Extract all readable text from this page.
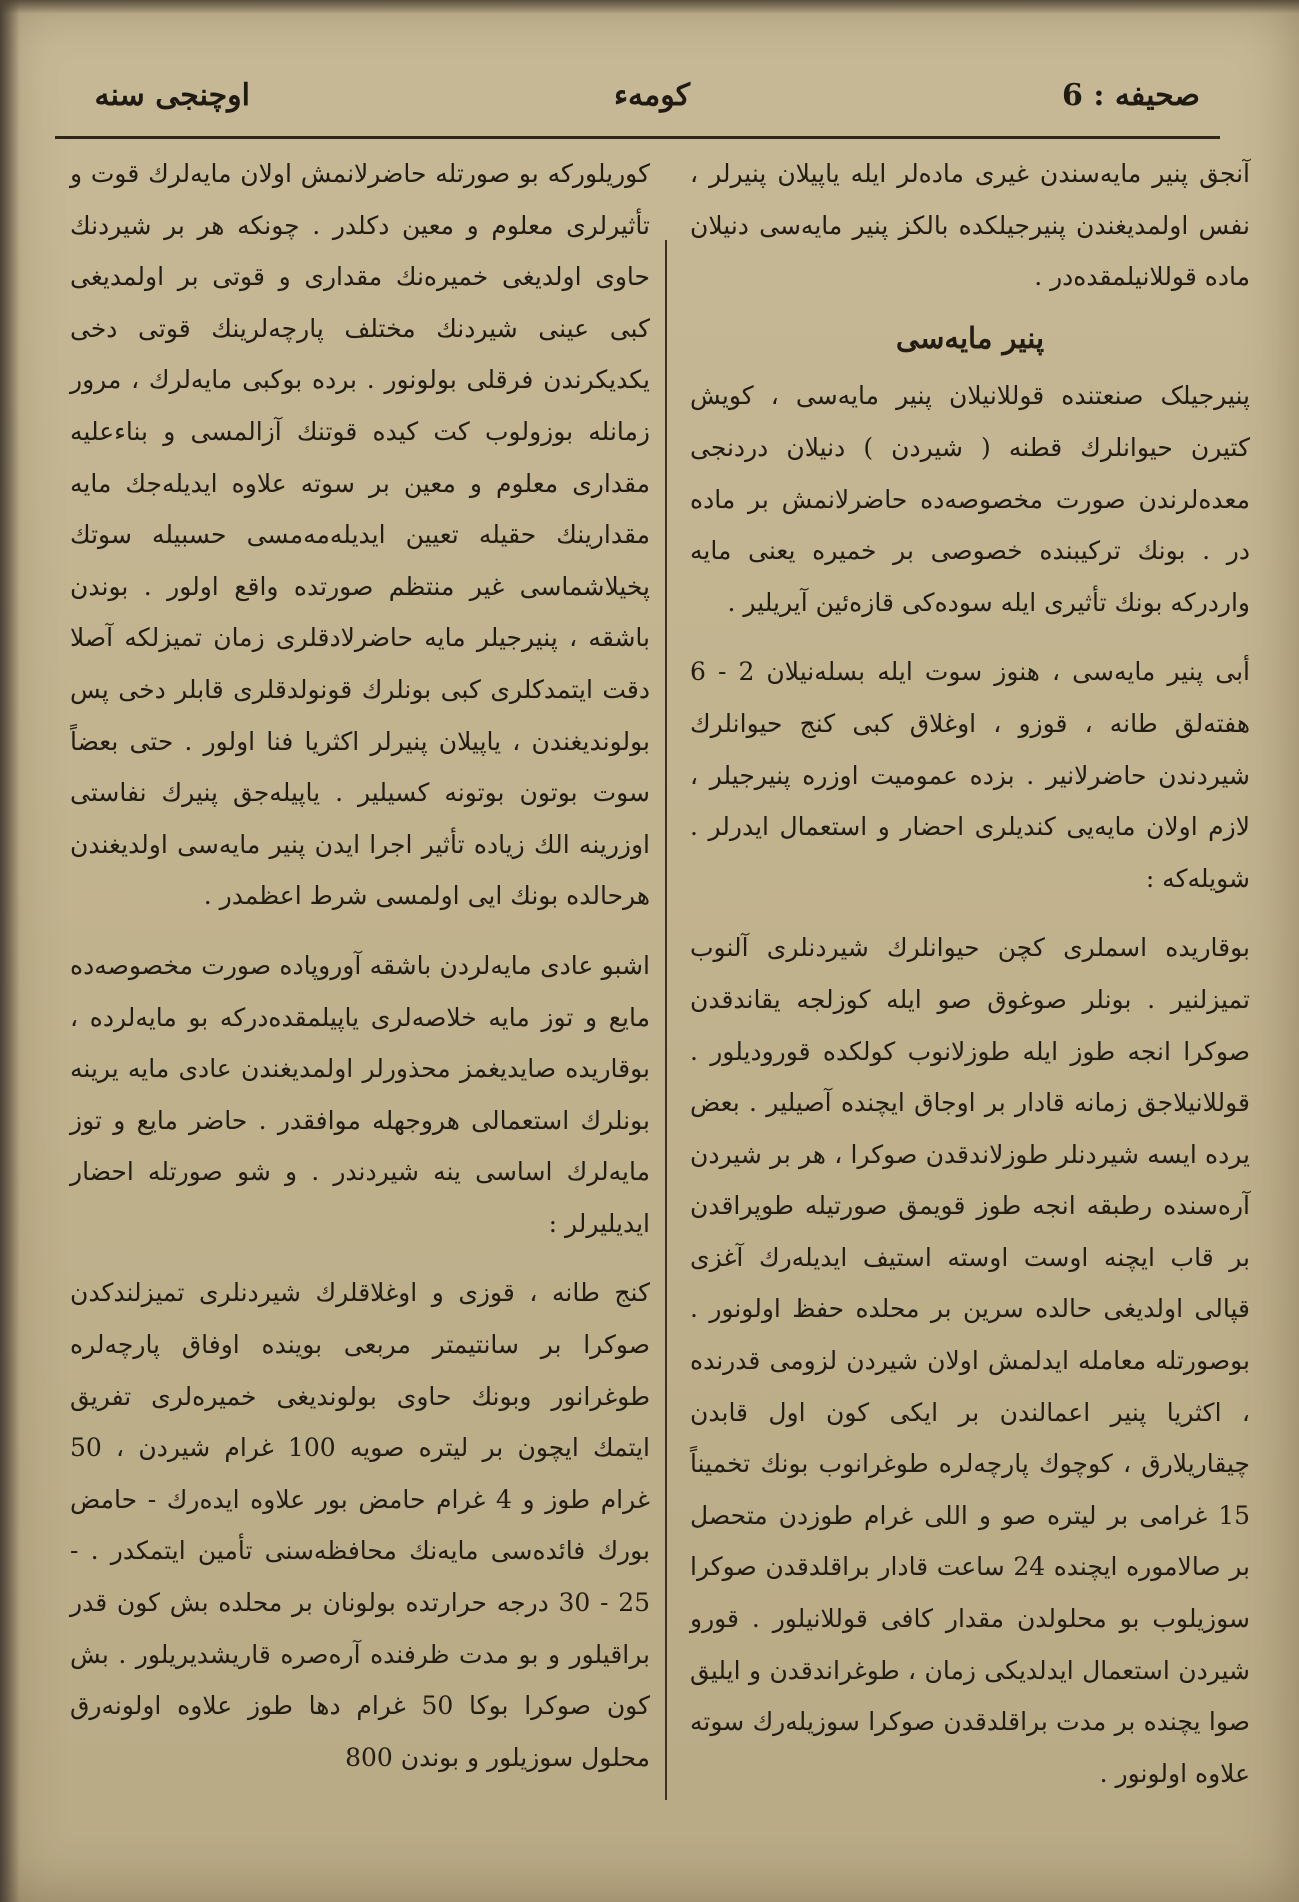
صحیفه : 6
کومه‌ء
اوچنجی سنه

آنجق پنیر مایه‌سندن غیری ماده‌لر ایله یاپیلان پنیرلر ، نفس اولمدیغندن پنیرجیلکده بالکز پنیر مایه‌سی دنیلان ماده قوللانیلمقده‌در .

پنیر مایه‌سی

پنیرجیلک صنعتنده قوللانیلان پنیر مایه‌سی ، کویش کتیرن حیوانلرك قطنه ( شیردن ) دنیلان دردنجی معده‌لرندن صورت مخصوصه‌ده حاضرلانمش بر ماده‌ در . بونك ترکیبنده خصوصی بر خمیره یعنی مایه واردرکه بونك تأثیری ایله سوده‌کی قازه‌ئین آیریلیر .

أبی پنیر مایه‌سی ، هنوز سوت ایله بسله‌نیلان 2 - 6 هفته‌لق طانه ، قوزو ، اوغلاق کبی کنج حیوانلرك شیردندن حاضرلانیر . بزده عمومیت اوزره پنیرجیلر ، لازم اولان مایه‌یی کندیلری احضار و استعمال ایدرلر . شویله‌که :

بوقاریده اسملری کچن حیوانلرك شیردنلری آلنوب تمیزلنیر . بونلر صوغوق صو ایله کوزلجه یقاندقدن صوکرا انجه طوز ایله طوزلانوب کولکده قورودیلور . قوللانیلاجق زمانه قادار بر اوجاق ایچنده آصیلیر . بعض یرده ایسه شیردنلر طوزلاندقدن صوکرا ، هر بر شیردن آره‌سنده رطبقه انجه طوز قویمق صورتیله طوپراقدن بر قاب ایچنه اوست اوسته استیف ایدیله‌رك آغزی قپالی اولدیغی حالده سرین بر محلده حفظ اولونور . بوصورتله معامله ایدلمش اولان شیردن لزومی قدرنده ، اکثریا پنیر اعمالندن بر ایکی کون اول قابدن چیقاریلارق ، کوچوك پارچه‌لره طوغرانوب بونك تخمیناً 15 غرامی بر لیتره صو و اللی غرام طوزدن متحصل بر صالاموره ایچنده 24 ساعت قادار براقلدقدن صوکرا سوزیلوب بو محلولدن مقدار کافی قوللانیلور . قورو شیردن استعمال ایدلدیکی زمان ، طوغراندقدن و ایلیق صوا یچنده بر مدت براقلدقدن صوکرا سوزیله‌رك سوته علاوه اولونور .

کوریلورکه بو صورتله حاضرلانمش اولان مایه‌لرك قوت و تأثیرلری معلوم و معین دکلدر . چونکه هر بر شیردنك حاوی اولدیغی خمیره‌نك مقداری و قوتی بر اولمدیغی کبی عینی شیردنك مختلف پارچه‌لرینك قوتی دخی یکدیکرندن فرقلی بولونور . برده بوکبی مایه‌لرك ، مرور زمانله بوزولوب کت کیده قوتنك آزالمسی و بناءعلیه مقداری معلوم و معین بر سوته علاوه ایدیله‌جك مایه مقدارینك حقیله تعیین ایدیله‌مه‌مسی حسبیله سوتك پخیلاشماسی غیر منتظم صورتده واقع اولور . بوندن باشقه ، پنیرجیلر مایه حاضرلادقلری زمان تمیزلکه آصلا دقت ایتمدکلری کبی بونلرك قونولدقلری قابلر دخی پس بولوندیغندن ، یاپیلان پنیرلر اکثریا فنا اولور . حتی بعضاً سوت بوتون بوتونه کسیلیر . یاپیله‌جق پنیرك نفاستی اوزرینه الك زیاده تأثیر اجرا ایدن پنیر مایه‌سی اولدیغندن هرحالده بونك ایی اولمسی شرط اعظمدر .

اشبو عادی مایه‌لردن باشقه آوروپاده صورت مخصوصه‌ده مایع و توز مایه خلاصه‌لری یاپیلمقده‌درکه بو مایه‌لرده ، بوقاریده صایدیغمز محذورلر اولمدیغندن عادی مایه یرینه بونلرك استعمالی هروجهله موافقدر . حاضر مایع و توز مایه‌لرك اساسی ینه شیردندر . و شو صورتله احضار ایدیلیرلر :

کنج طانه ، قوزی و اوغلاقلرك شیردنلری تمیزلندکدن صوکرا بر سانتیمتر مربعی بوینده اوفاق پارچه‌لره طوغرانور وبونك حاوی بولوندیغی خمیره‌لری تفریق ایتمك ایچون بر لیتره صویه 100 غرام شیردن ، 50 غرام طوز و 4 غرام حامض بور علاوه ایده‌رك - حامض بورك فائده‌سی مایه‌نك محافظه‌سنی تأمین ایتمکدر . - 25 - 30 درجه حرارتده بولونان بر محلده بش کون قدر براقیلور و بو مدت ظرفنده آره‌صره قاریشدیریلور . بش کون صوکرا بوکا 50 غرام دها طوز علاوه اولونه‌رق محلول سوزیلور و بوندن 800
